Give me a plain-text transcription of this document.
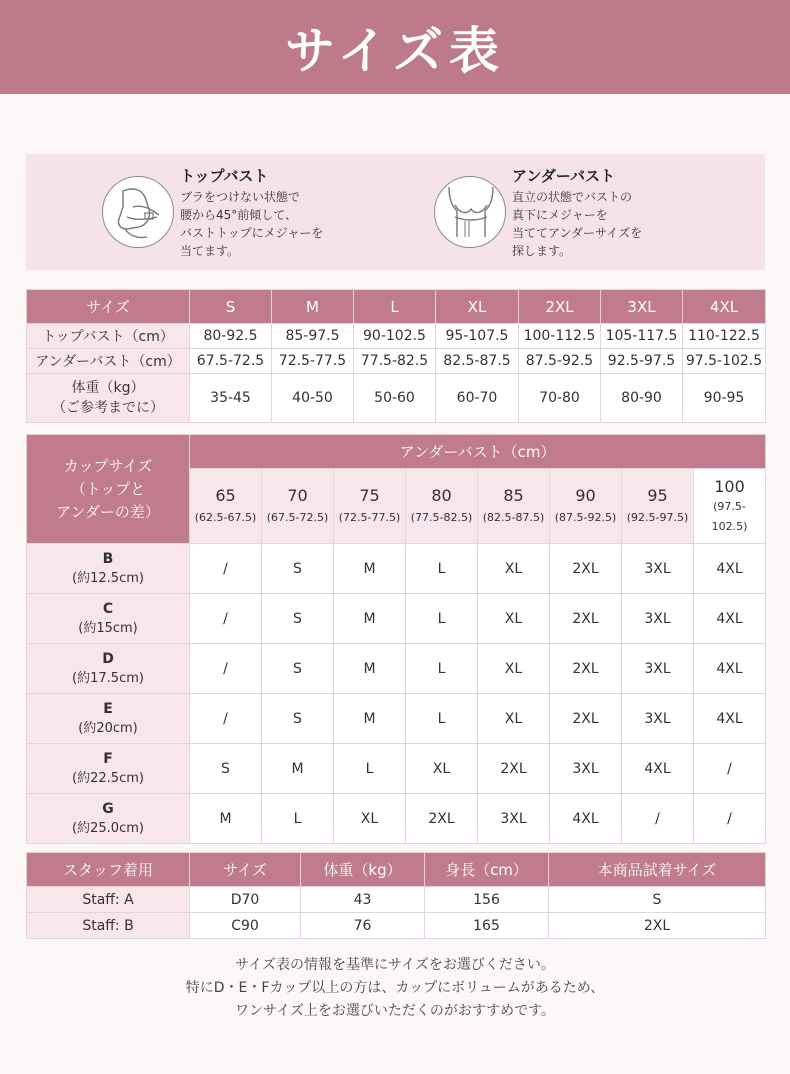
サイズ表
トップバスト
ブラをつけない状態で
腰から45°前傾して、
バストトップにメジャーを
当てます。
アンダーバスト
直立の状態でバストの
真下にメジャーを
当ててアンダーサイズを
探します。
サイズ	S	M	L	XL	2XL	3XL	4XL
トップバスト（cm）	80-92.5	85-97.5	90-102.5	95-107.5	100-112.5	105-117.5	110-122.5
アンダーバスト（cm）	67.5-72.5	72.5-77.5	77.5-82.5	82.5-87.5	87.5-92.5	92.5-97.5	97.5-102.5

体重（kg）
（ご参考までに）	35-45	40-50	50-60	60-70	70-80	80-90	90-95
カップサイズ
（トップと
アンダーの差）	アンダーバスト（cm）							

	65
(62.5-67.5)	70
(67.5-72.5)	75
(72.5-77.5)	80
(77.5-82.5)	85
(82.5-87.5)	90
(87.5-92.5)	95
(92.5-97.5)	100
(97.5-
102.5)

B
(約12.5cm)	/	S	M	L	XL	2XL	3XL	4XL

C
(約15cm)	/	S	M	L	XL	2XL	3XL	4XL

D
(約17.5cm)	/	S	M	L	XL	2XL	3XL	4XL

E
(約20cm)	/	S	M	L	XL	2XL	3XL	4XL

F
(約22.5cm)	S	M	L	XL	2XL	3XL	4XL	/

G
(約25.0cm)	M	L	XL	2XL	3XL	4XL	/	/
スタッフ着用	サイズ	体重（kg）	身長（cm）	本商品試着サイズ
Staff: A	D70	43	156	S
Staff: B	C90	76	165	2XL
サイズ表の情報を基準にサイズをお選びください。
特にD・E・Fカップ以上の方は、カップにボリュームがあるため、
ワンサイズ上をお選びいただくのがおすすめです。
